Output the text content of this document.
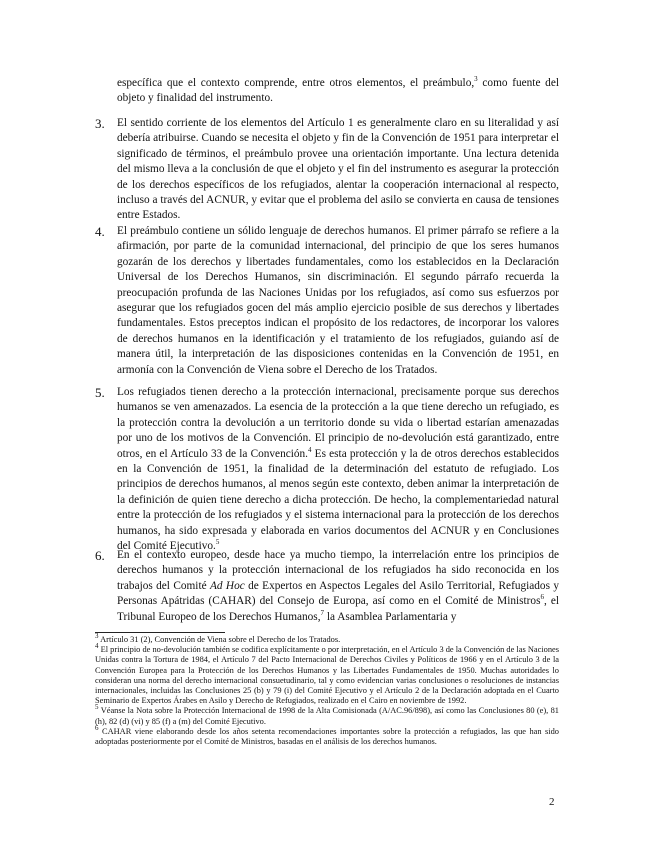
específica que el contexto comprende, entre otros elementos, el preámbulo,$^3$ como fuente del objeto y finalidad del instrumento.

3. El sentido corriente de los elementos del Artículo 1 es generalmente claro en su literalidad y así debería atribuirse. Cuando se necesita el objeto y fin de la Convención de 1951 para interpretar el significado de términos, el preámbulo provee una orientación importante. Una lectura detenida del mismo lleva a la conclusión de que el objeto y el fin del instrumento es asegurar la protección de los derechos específicos de los refugiados, alentar la cooperación internacional al respecto, incluso a través del ACNUR, y evitar que el problema del asilo se convierta en causa de tensiones entre Estados.

4. El preámbulo contiene un sólido lenguaje de derechos humanos. El primer párrafo se refiere a la afirmación, por parte de la comunidad internacional, del principio de que los seres humanos gozarán de los derechos y libertades fundamentales, como los establecidos en la Declaración Universal de los Derechos Humanos, sin discriminación. El segundo párrafo recuerda la preocupación profunda de las Naciones Unidas por los refugiados, así como sus esfuerzos por asegurar que los refugiados gocen del más amplio ejercicio posible de sus derechos y libertades fundamentales. Estos preceptos indican el propósito de los redactores, de incorporar los valores de derechos humanos en la identificación y el tratamiento de los refugiados, guiando así de manera útil, la interpretación de las disposiciones contenidas en la Convención de 1951, en armonía con la Convención de Viena sobre el Derecho de los Tratados.

5. Los refugiados tienen derecho a la protección internacional, precisamente porque sus derechos humanos se ven amenazados. La esencia de la protección a la que tiene derecho un refugiado, es la protección contra la devolución a un territorio donde su vida o libertad estarían amenazadas por uno de los motivos de la Convención. El principio de no-devolución está garantizado, entre otros, en el Artículo 33 de la Convención.$^4$ Es esta protección y la de otros derechos establecidos en la Convención de 1951, la finalidad de la determinación del estatuto de refugiado. Los principios de derechos humanos, al menos según este contexto, deben animar la interpretación de la definición de quien tiene derecho a dicha protección. De hecho, la complementariedad natural entre la protección de los refugiados y el sistema internacional para la protección de los derechos humanos, ha sido expresada y elaborada en varios documentos del ACNUR y en Conclusiones del Comité Ejecutivo.$^5$

6. En el contexto europeo, desde hace ya mucho tiempo, la interrelación entre los principios de derechos humanos y la protección internacional de los refugiados ha sido reconocida en los trabajos del Comité Ad Hoc de Expertos en Aspectos Legales del Asilo Territorial, Refugiados y Personas Apátridas (CAHAR) del Consejo de Europa, así como en el Comité de Ministros$^6$, el Tribunal Europeo de los Derechos Humanos,$^7$ la Asamblea Parlamentaria y

$^3$ Artículo 31 (2), Convención de Viena sobre el Derecho de los Tratados.

$^4$ El principio de no-devolución también se codifica explícitamente o por interpretación, en el Artículo 3 de la Convención de las Naciones Unidas contra la Tortura de 1984, el Artículo 7 del Pacto Internacional de Derechos Civiles y Políticos de 1966 y en el Artículo 3 de la Convención Europea para la Protección de los Derechos Humanos y las Libertades Fundamentales de 1950. Muchas autoridades lo consideran una norma del derecho internacional consuetudinario, tal y como evidencian varias conclusiones o resoluciones de instancias internacionales, incluidas las Conclusiones 25 (b) y 79 (i) del Comité Ejecutivo y el Artículo 2 de la Declaración adoptada en el Cuarto Seminario de Expertos Árabes en Asilo y Derecho de Refugiados, realizado en el Cairo en noviembre de 1992.

$^5$ Véanse la Nota sobre la Protección Internacional de 1998 de la Alta Comisionada (A/AC.96/898), así como las Conclusiones 80 (e), 81 (h), 82 (d) (vi) y 85 (f) a (m) del Comité Ejecutivo.

$^6$ CAHAR viene elaborando desde los años setenta recomendaciones importantes sobre la protección a refugiados, las que han sido adoptadas posteriormente por el Comité de Ministros, basadas en el análisis de los derechos humanos.

2
